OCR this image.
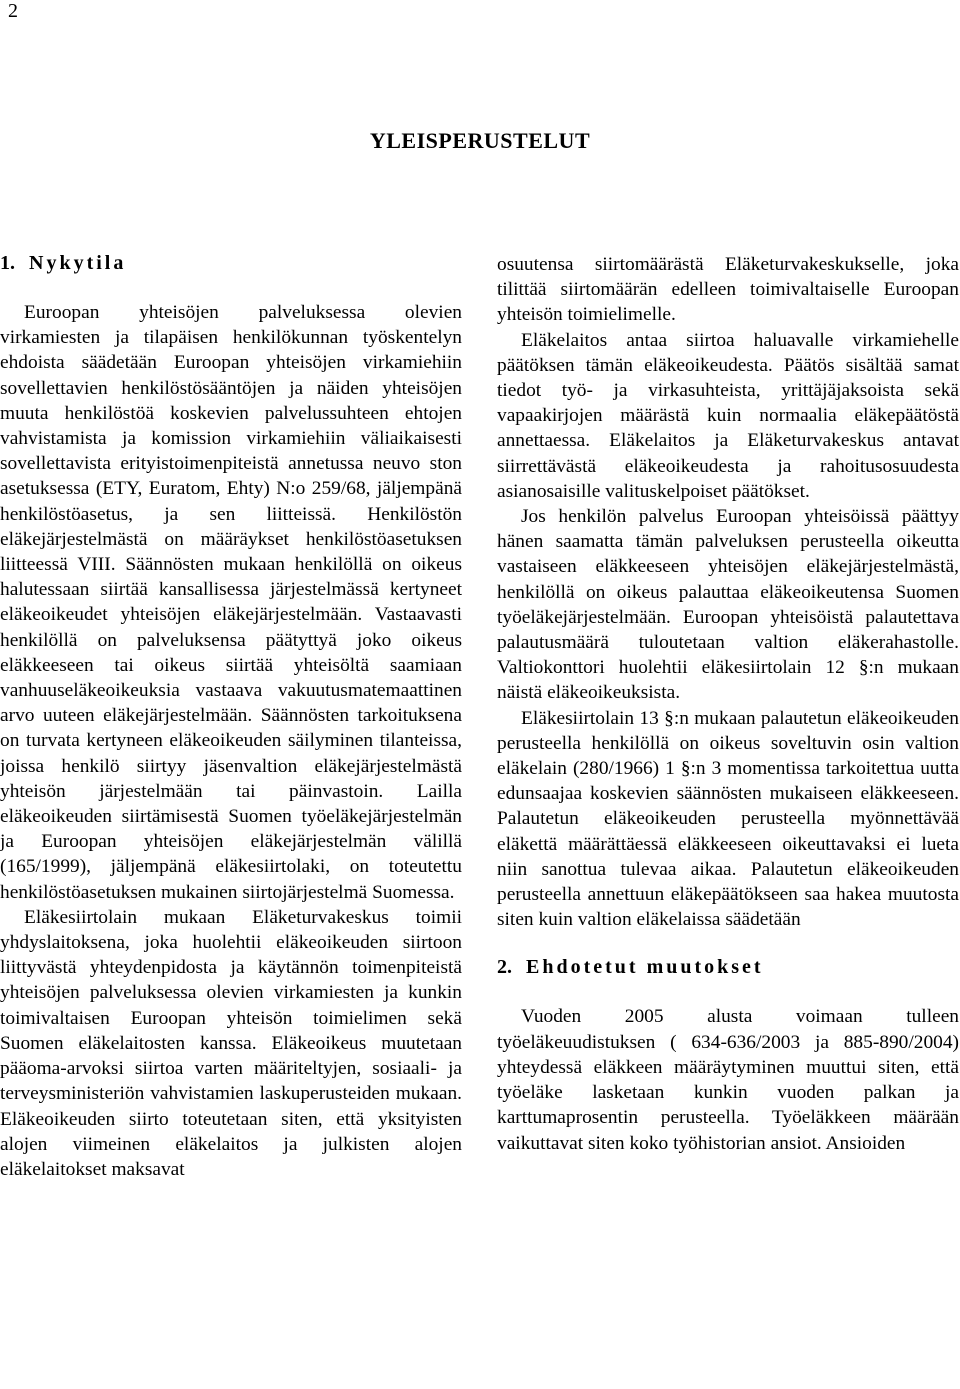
2
YLEISPERUSTELUT
1. Nykytila

Euroopan yhteisöjen palveluksessa olevien virkamiesten ja tilapäisen henkilökunnan työskentelyn ehdoista säädetään Euroopan yhteisöjen virkamiehiin sovellettavien henkilöstösääntöjen ja näiden yhteisöjen muuta henkilöstöä koskevien palvelussuhteen ehtojen vahvistamista ja komission virkamiehiin väliaikaisesti sovellettavista erityistoimenpiteistä annetussa neuvo ston asetuksessa (ETY, Euratom, Ehty) N:o 259/68, jäljempänä henkilöstöasetus, ja sen liitteissä. Henkilöstön eläkejärjestelmästä on määräykset henkilöstöasetuksen liitteessä VIII. Säännösten mukaan henkilöllä on oikeus halutessaan siirtää kansallisessa järjestelmässä kertyneet eläkeoikeudet yhteisöjen eläkejärjestelmään. Vastaavasti henkilöllä on palveluksensa päätyttyä joko oikeus eläkkeeseen tai oikeus siirtää yhteisöltä saamiaan vanhuuseläkeoikeuksia vastaava vakuutusmatemaattinen arvo uuteen eläkejärjestelmään. Säännösten tarkoituksena on turvata kertyneen eläkeoikeuden säilyminen tilanteissa, joissa henkilö siirtyy jäsenvaltion eläkejärjestelmästä yhteisön järjestelmään tai päinvastoin. Lailla eläkeoikeuden siirtämisestä Suomen työeläkejärjestelmän ja Euroopan yhteisöjen eläkejärjestelmän välillä (165/1999), jäljempänä eläkesiirtolaki, on toteutettu henkilöstöasetuksen mukainen siirtojärjestelmä Suomessa.

Eläkesiirtolain mukaan Eläketurvakeskus toimii yhdyslaitoksena, joka huolehtii eläkeoikeuden siirtoon liittyvästä yhteydenpidosta ja käytännön toimenpiteistä yhteisöjen palveluksessa olevien virkamiesten ja kunkin toimivaltaisen Euroopan yhteisön toimielimen sekä Suomen eläkelaitosten kanssa. Eläkeoikeus muutetaan pääoma-arvoksi siirtoa varten määriteltyjen, sosiaali- ja terveysministeriön vahvistamien laskuperusteiden mukaan. Eläkeoikeuden siirto toteutetaan siten, että yksityisten alojen viimeinen eläkelaitos ja julkisten alojen eläkelaitokset maksavat

osuutensa siirtomäärästä Eläketurvakeskukselle, joka tilittää siirtomäärän edelleen toimivaltaiselle Euroopan yhteisön toimielimelle.

Eläkelaitos antaa siirtoa haluavalle virkamiehelle päätöksen tämän eläkeoikeudesta. Päätös sisältää samat tiedot työ- ja virkasuhteista, yrittäjäjaksoista sekä vapaakirjojen määrästä kuin normaalia eläkepäätöstä annettaessa. Eläkelaitos ja Eläketurvakeskus antavat siirrettävästä eläkeoikeudesta ja rahoitusosuudesta asianosaisille valituskelpoiset päätökset.

Jos henkilön palvelus Euroopan yhteisöissä päättyy hänen saamatta tämän palveluksen perusteella oikeutta vastaiseen eläkkeeseen yhteisöjen eläkejärjestelmästä, henkilöllä on oikeus palauttaa eläkeoikeutensa Suomen työeläkejärjestelmään. Euroopan yhteisöistä palautettava palautusmäärä tuloutetaan valtion eläkerahastolle. Valtiokonttori huolehtii eläkesiirtolain 12 §:n mukaan näistä eläkeoikeuksista.

Eläkesiirtolain 13 §:n mukaan palautetun eläkeoikeuden perusteella henkilöllä on oikeus soveltuvin osin valtion eläkelain (280/1966) 1 §:n 3 momentissa tarkoitettua uutta edunsaajaa koskevien säännösten mukaiseen eläkkeeseen. Palautetun eläkeoikeuden perusteella myönnettävää eläkettä määrättäessä eläkkeeseen oikeuttavaksi ei lueta niin sanottua tulevaa aikaa. Palautetun eläkeoikeuden perusteella annettuun eläkepäätökseen saa hakea muutosta siten kuin valtion eläkelaissa säädetään

2. Ehdotetut muutokset

Vuoden 2005 alusta voimaan tulleen työeläkeuudistuksen ( 634-636/2003 ja 885-890/2004) yhteydessä eläkkeen määräytyminen muuttui siten, että työeläke lasketaan kunkin vuoden palkan ja karttumaprosentin perusteella. Työeläkkeen määrään vaikuttavat siten koko työhistorian ansiot. Ansioiden
